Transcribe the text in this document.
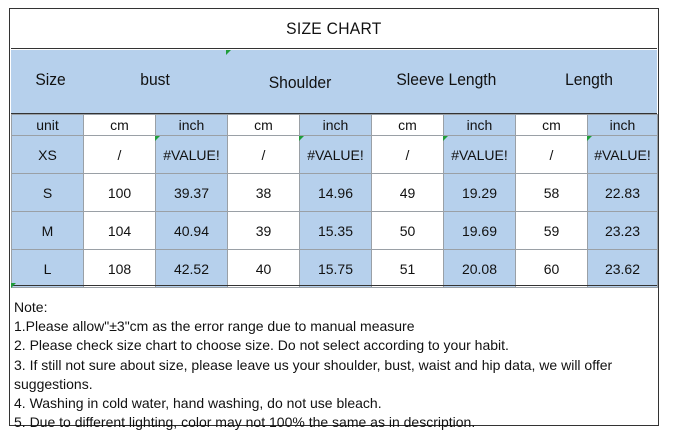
SIZE CHART
Size	bust	Shoulder	Sleeve Length	Length
unit	cm	inch	cm	inch	cm	inch	cm	inch
XS	/	#VALUE!	/	#VALUE!	/	#VALUE!	/	#VALUE!
S	100	39.37	38	14.96	49	19.29	58	22.83
M	104	40.94	39	15.35	50	19.69	59	23.23
L	108	42.52	40	15.75	51	20.08	60	23.62
Note:
1.Please allow"±3"cm as the error range due to manual measure
2. Please check size chart to choose size. Do not select according to your habit.
3. If still not sure about size, please leave us your shoulder, bust, waist and hip data, we will offer suggestions.
4. Washing in cold water, hand washing, do not use bleach.
5. Due to different lighting, color may not 100% the same as in description.
